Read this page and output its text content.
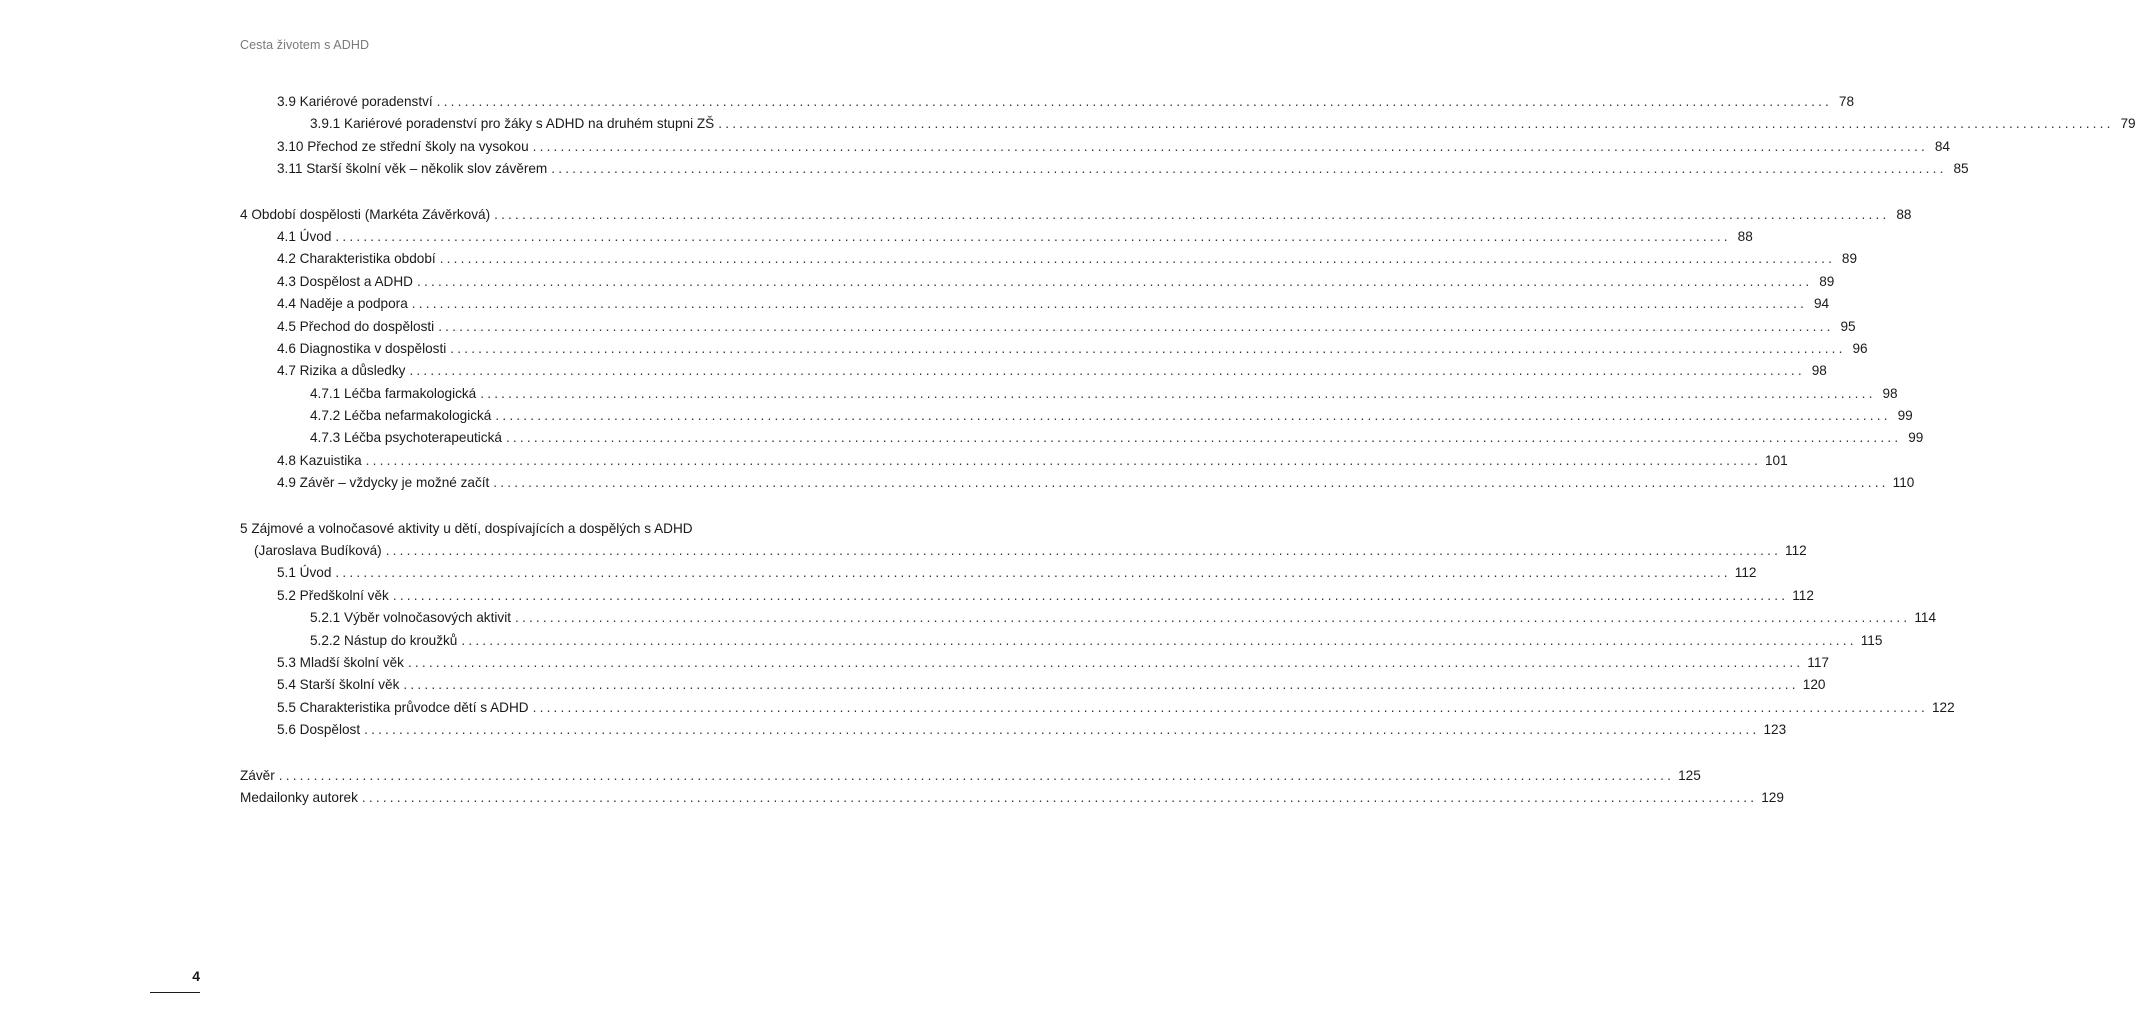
Cesta životem s ADHD
3.9 Kariérové poradenství ........................................................................................................................................................................................................ 78
3.9.1 Kariérové poradenství pro žáky s ADHD na druhém stupni ZŠ ........................................................................................................................................................................................................ 79
3.10 Přechod ze střední školy na vysokou ........................................................................................................................................................................................................ 84
3.11 Starší školní věk – několik slov závěrem ........................................................................................................................................................................................................ 85
4 Období dospělosti (Markéta Závěrková) ........................................................................................................................................................................................................ 88
4.1 Úvod ........................................................................................................................................................................................................ 88
4.2 Charakteristika období ........................................................................................................................................................................................................ 89
4.3 Dospělost a ADHD ........................................................................................................................................................................................................ 89
4.4 Naděje a podpora ........................................................................................................................................................................................................ 94
4.5 Přechod do dospělosti ........................................................................................................................................................................................................ 95
4.6 Diagnostika v dospělosti ........................................................................................................................................................................................................ 96
4.7 Rizika a důsledky ........................................................................................................................................................................................................ 98
4.7.1 Léčba farmakologická ........................................................................................................................................................................................................ 98
4.7.2 Léčba nefarmakologická ........................................................................................................................................................................................................ 99
4.7.3 Léčba psychoterapeutická ........................................................................................................................................................................................................ 99
4.8 Kazuistika ........................................................................................................................................................................................................ 101
4.9 Závěr – vždycky je možné začít ........................................................................................................................................................................................................ 110
5 Zájmové a volnočasové aktivity u dětí, dospívajících a dospělých s ADHD
(Jaroslava Budíková) ........................................................................................................................................................................................................ 112
5.1 Úvod ........................................................................................................................................................................................................ 112
5.2 Předškolní věk ........................................................................................................................................................................................................ 112
5.2.1 Výběr volnočasových aktivit ........................................................................................................................................................................................................ 114
5.2.2 Nástup do kroužků ........................................................................................................................................................................................................ 115
5.3 Mladší školní věk ........................................................................................................................................................................................................ 117
5.4 Starší školní věk ........................................................................................................................................................................................................ 120
5.5 Charakteristika průvodce dětí s ADHD ........................................................................................................................................................................................................ 122
5.6 Dospělost ........................................................................................................................................................................................................ 123
Závěr ........................................................................................................................................................................................................ 125
Medailonky autorek ........................................................................................................................................................................................................ 129
4
